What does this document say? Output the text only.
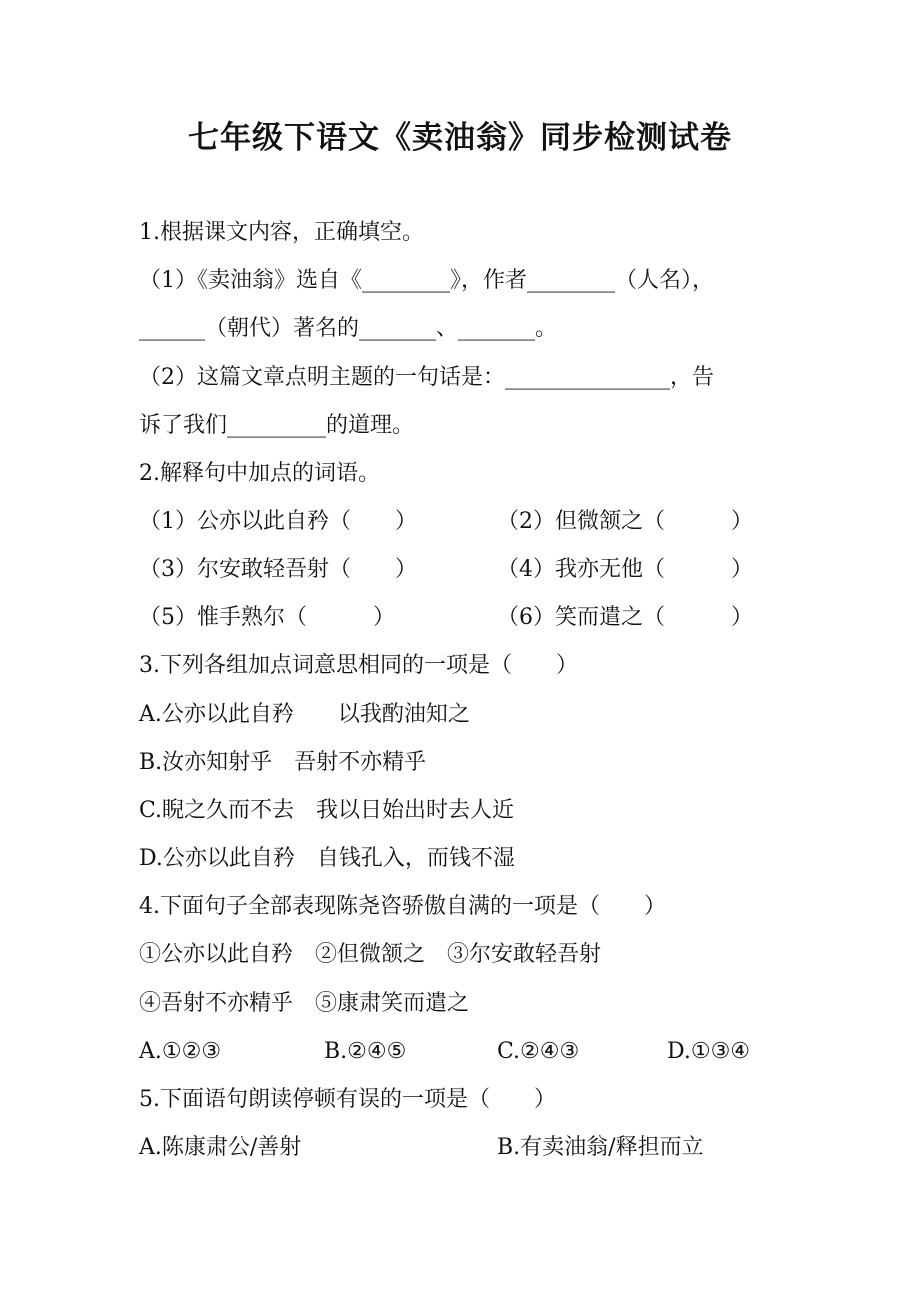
七年级下语文《卖油翁》同步检测试卷
1.根据课文内容，正确填空。
（1）《卖油翁》选自《________》，作者________（人名），
______（朝代）著名的_______、_______。
（2）这篇文章点明主题的一句话是：_______________，告
诉了我们_________的道理。
2.解释句中加点的词语。
（1）公亦以此自矜（　　）	（2）但微颔之（　　　）
（3）尔安敢轻吾射（　　）	（4）我亦无他（　　　）
（5）惟手熟尔（　　　）	（6）笑而遣之（　　　）
3.下列各组加点词意思相同的一项是（　　）
A.公亦以此自矜　　以我酌油知之
B.汝亦知射乎　吾射不亦精乎
C.睨之久而不去　我以日始出时去人近
D.公亦以此自矜　自钱孔入，而钱不湿
4.下面句子全部表现陈尧咨骄傲自满的一项是（　　）
①公亦以此自矜　②但微颔之　③尔安敢轻吾射
④吾射不亦精乎　⑤康肃笑而遣之
A.①②③	B.②④⑤	C.②④③	D.①③④
5.下面语句朗读停顿有误的一项是（　　）
A.陈康肃公/善射	B.有卖油翁/释担而立
